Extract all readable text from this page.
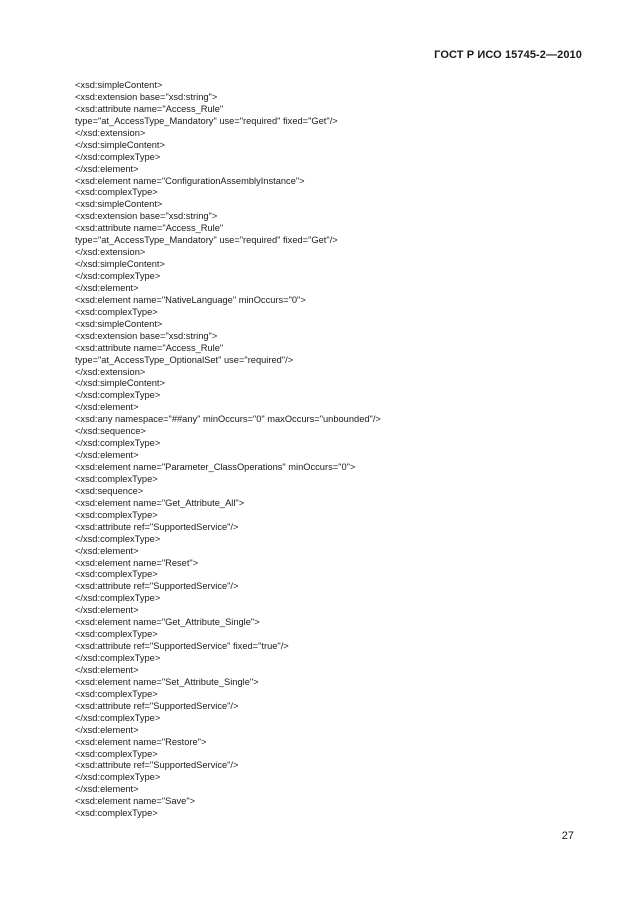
ГОСТ Р ИСО 15745-2—2010
<xsd:simpleContent>
<xsd:extension base="xsd:string">
<xsd:attribute name="Access_Rule"
type="at_AccessType_Mandatory" use="required" fixed="Get"/>
</xsd:extension>
</xsd:simpleContent>
</xsd:complexType>
</xsd:element>
<xsd:element name="ConfigurationAssemblyInstance">
<xsd:complexType>
<xsd:simpleContent>
<xsd:extension base="xsd:string">
<xsd:attribute name="Access_Rule"
type="at_AccessType_Mandatory" use="required" fixed="Get"/>
</xsd:extension>
</xsd:simpleContent>
</xsd:complexType>
</xsd:element>
<xsd:element name="NativeLanguage" minOccurs="0">
<xsd:complexType>
<xsd:simpleContent>
<xsd:extension base="xsd:string">
<xsd:attribute name="Access_Rule"
type="at_AccessType_OptionalSet" use="required"/>
</xsd:extension>
</xsd:simpleContent>
</xsd:complexType>
</xsd:element>
<xsd:any namespace="##any" minOccurs="0" maxOccurs="unbounded"/>
</xsd:sequence>
</xsd:complexType>
</xsd:element>
<xsd:element name="Parameter_ClassOperations" minOccurs="0">
<xsd:complexType>
<xsd:sequence>
<xsd:element name="Get_Attribute_All">
<xsd:complexType>
<xsd:attribute ref="SupportedService"/>
</xsd:complexType>
</xsd:element>
<xsd:element name="Reset">
<xsd:complexType>
<xsd:attribute ref="SupportedService"/>
</xsd:complexType>
</xsd:element>
<xsd:element name="Get_Attribute_Single">
<xsd:complexType>
<xsd:attribute ref="SupportedService" fixed="true"/>
</xsd:complexType>
</xsd:element>
<xsd:element name="Set_Attribute_Single">
<xsd:complexType>
<xsd:attribute ref="SupportedService"/>
</xsd:complexType>
</xsd:element>
<xsd:element name="Restore">
<xsd:complexType>
<xsd:attribute ref="SupportedService"/>
</xsd:complexType>
</xsd:element>
<xsd:element name="Save">
<xsd:complexType>
27
